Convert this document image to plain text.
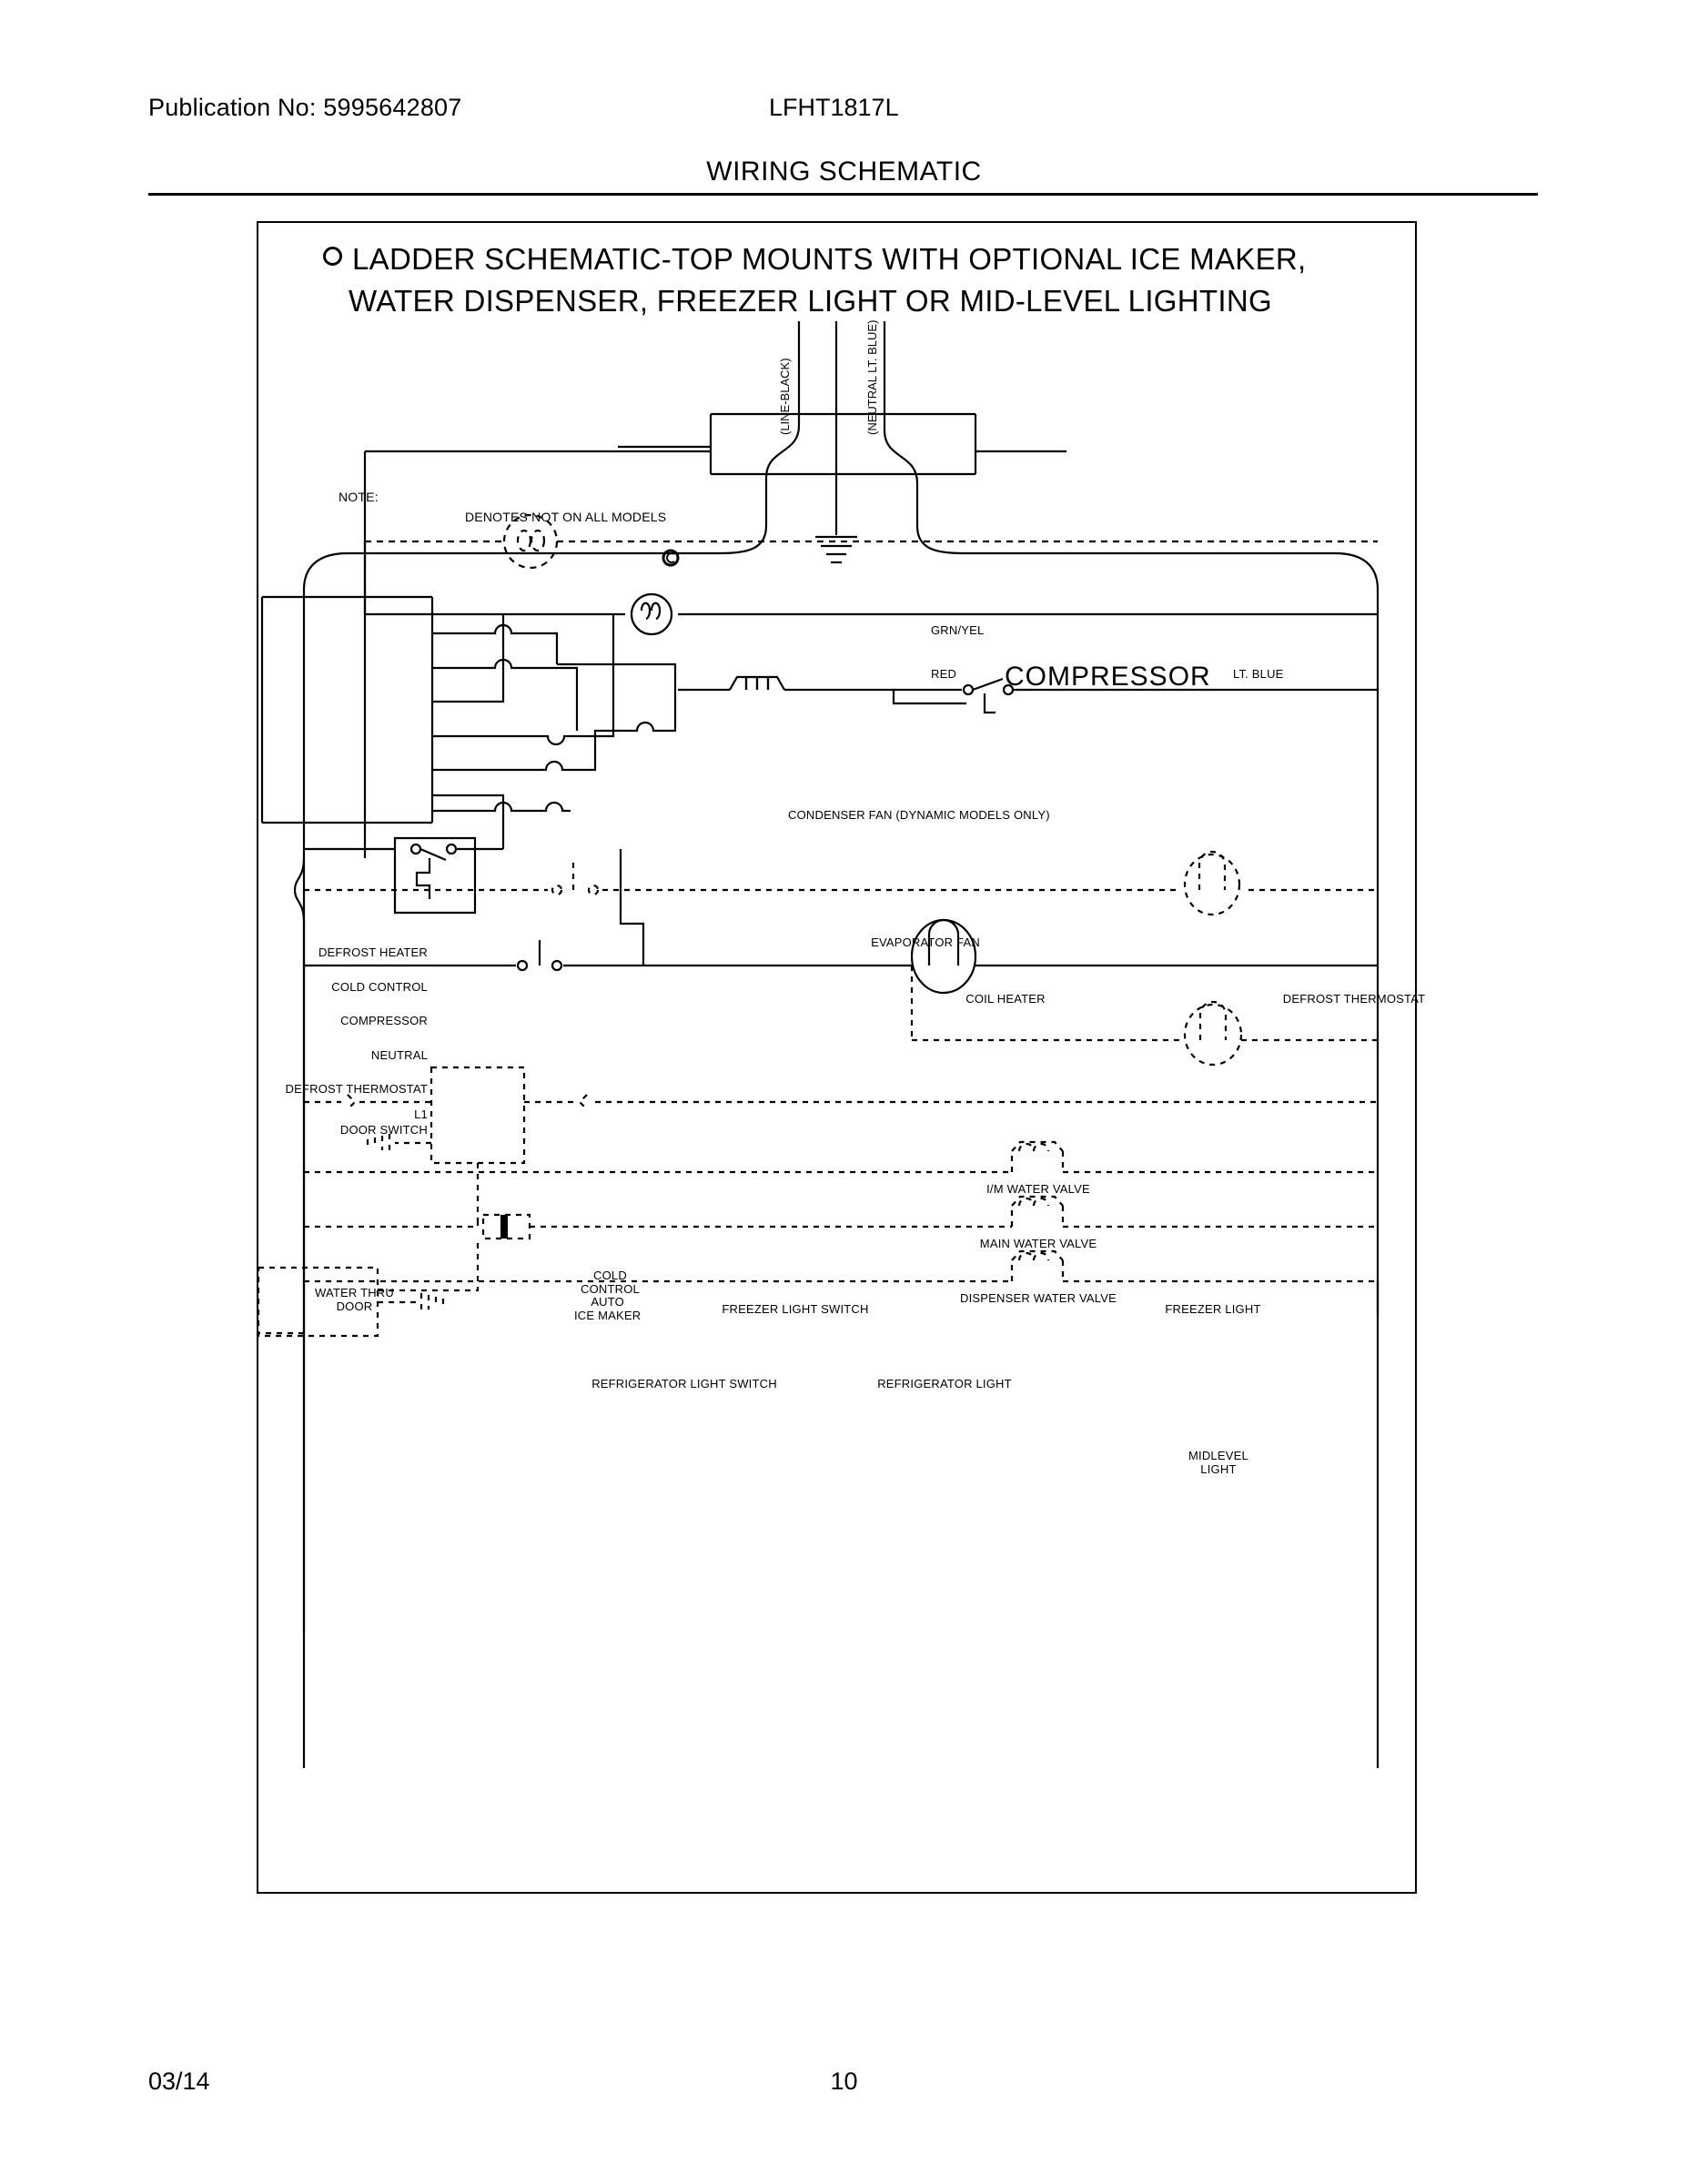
Publication No: 5995642807	LFHT1817L
WIRING SCHEMATIC
LADDER SCHEMATIC-TOP MOUNTS WITH OPTIONAL ICE MAKER,
WATER DISPENSER, FREEZER LIGHT OR MID-LEVEL LIGHTING
NOTE:
DENOTES NOT ON ALL MODELS
(LINE-BLACK)	(NEUTRAL LT. BLUE)
GRN/YEL
RED COMPRESSOR LT. BLUE
CONDENSER FAN (DYNAMIC MODELS ONLY)
EVAPORATOR FAN
DEFROST HEATER
COLD CONTROL
COMPRESSOR
NEUTRAL
DEFROST THERMOSTAT
L1
DOOR SWITCH
COIL HEATER	DEFROST THERMOSTAT
COLD
CONTROL
FREEZER LIGHT SWITCH	FREEZER LIGHT
REFRIGERATOR LIGHT SWITCH	REFRIGERATOR LIGHT
MIDLEVEL
LIGHT
AUTO
ICE MAKER
I/M WATER VALVE
MAIN WATER VALVE
DISPENSER WATER VALVE
WATER THRU
DOOR
03/14	10
